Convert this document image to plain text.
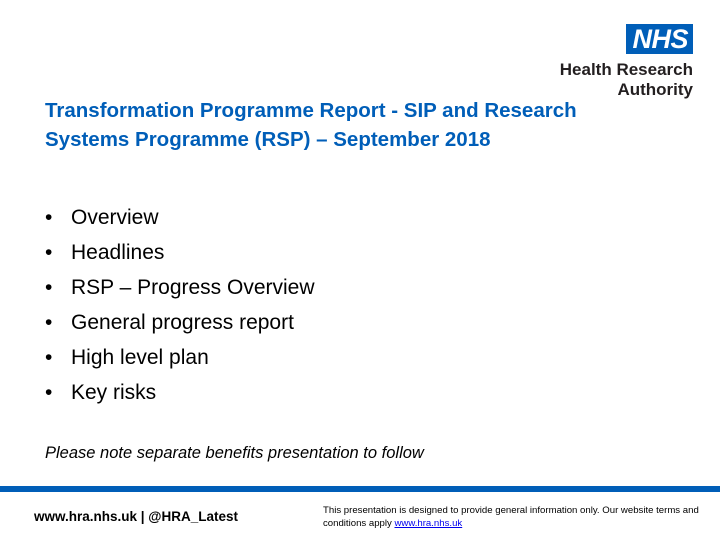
NHS
Health Research
Authority
Transformation Programme Report - SIP and Research Systems Programme (RSP) – September 2018
• Overview
• Headlines
• RSP – Progress Overview
• General progress report
• High level plan
• Key risks

Please note separate benefits presentation to follow

www.hra.nhs.uk | @HRA_Latest	This presentation is designed to provide general information only. Our website terms and conditions apply www.hra.nhs.uk
